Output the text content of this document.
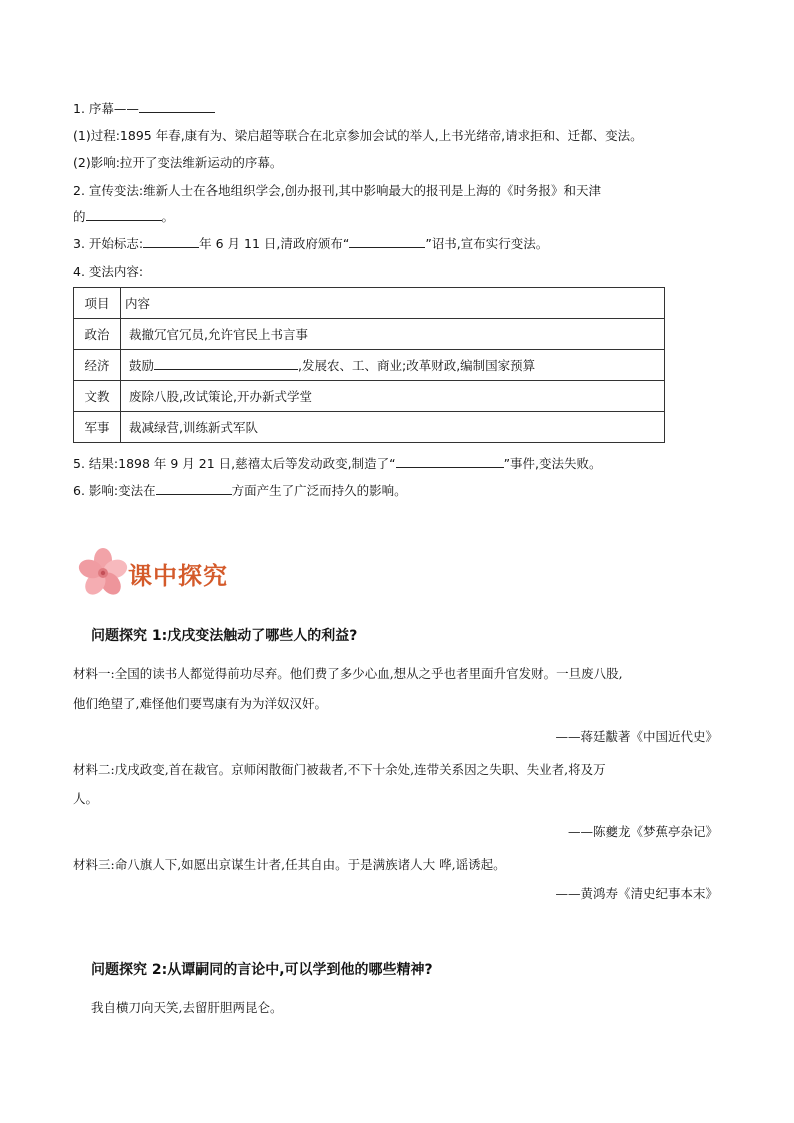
1. 序幕——
(1)过程:1895 年春,康有为、梁启超等联合在北京参加会试的举人,上书光绪帝,请求拒和、迁都、变法。
(2)影响:拉开了变法维新运动的序幕。
2. 宣传变法:维新人士在各地组织学会,创办报刊,其中影响最大的报刊是上海的《时务报》和天津
的	。
3. 开始标志:	年 6 月 11 日,清政府颁布“	”诏书,宣布实行变法。
4. 变法内容:
项目	内容
政治	裁撤冗官冗员,允许官民上书言事
经济	鼓励 ,发展农、工、商业;改革财政,编制国家预算
文教	废除八股,改试策论,开办新式学堂
军事	裁减绿营,训练新式军队
5. 结果:1898 年 9 月 21 日,慈禧太后等发动政变,制造了“	”事件,变法失败。
6. 影响:变法在	方面产生了广泛而持久的影响。
课中探究
问题探究 1:戊戌变法触动了哪些人的利益?
材料一:全国的读书人都觉得前功尽弃。他们费了多少心血,想从之乎也者里面升官发财。一旦废八股,
他们绝望了,难怪他们要骂康有为为洋奴汉奸。
——蒋廷黻著《中国近代史》
材料二:戊戌政变,首在裁官。京师闲散衙门被裁者,不下十余处,连带关系因之失职、失业者,将及万
人。
——陈夔龙《梦蕉亭杂记》
材料三:命八旗人下,如愿出京谋生计者,任其自由。于是满族诸人大 哗,谣诱起。
——黄鸿寿《清史纪事本末》
问题探究 2:从谭嗣同的言论中,可以学到他的哪些精神?
我自横刀向天笑,去留肝胆两昆仑。
